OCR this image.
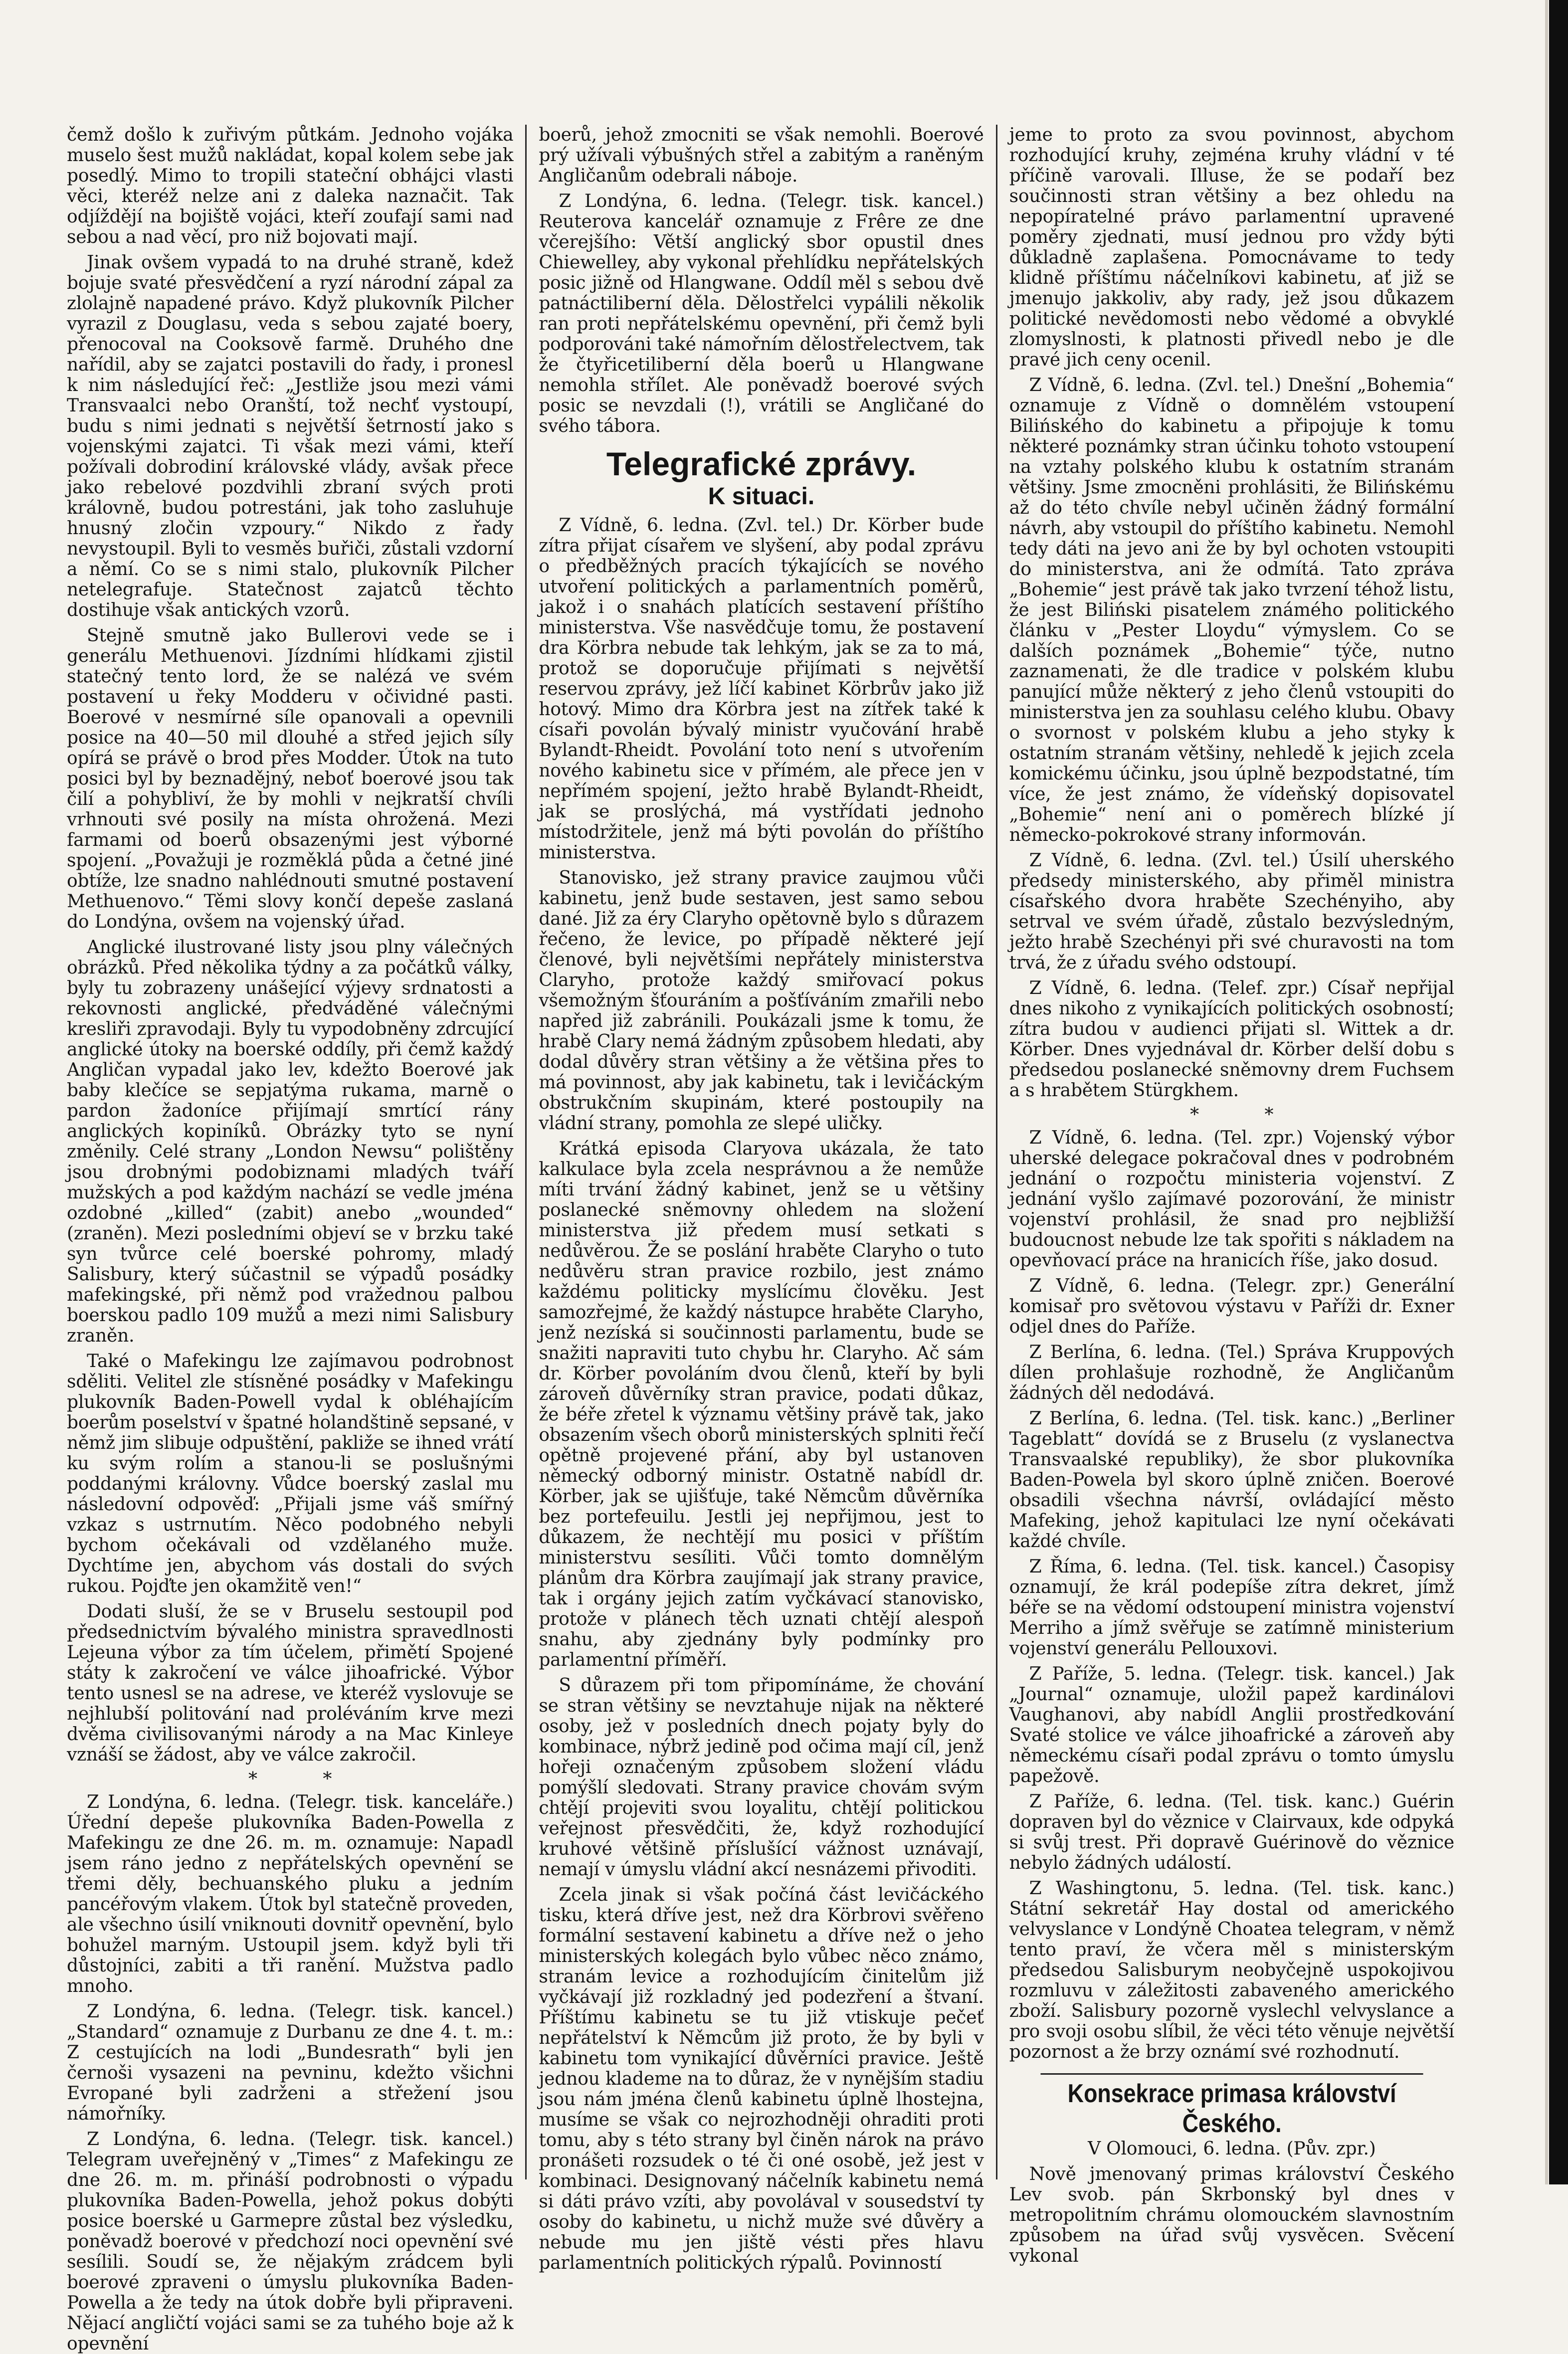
čemž došlo k zuřivým půtkám. Jednoho vojáka muselo šest mužů nakládat, kopal kolem sebe jak posedlý. Mimo to tropili stateční obhájci vlasti věci, kteréž nelze ani z daleka naznačit. Tak odjíždějí na bojiště vojáci, kteří zoufají sami nad sebou a nad věcí, pro niž bojovati mají.

Jinak ovšem vypadá to na druhé straně, kdež bojuje svaté přesvědčení a ryzí národní zápal za zlolajně napadené právo. Když plukovník Pilcher vyrazil z Douglasu, veda s sebou zajaté boery, přenocoval na Cooksově farmě. Druhého dne nařídil, aby se zajatci postavili do řady, i pronesl k nim následující řeč: „Jestliže jsou mezi vámi Transvaalci nebo Oranští, tož nechť vystoupí, budu s nimi jednati s největší šetrností jako s vojenskými zajatci. Ti však mezi vámi, kteří požívali dobrodiní královské vlády, avšak přece jako rebelové pozdvihli zbraní svých proti královně, budou potrestáni, jak toho zasluhuje hnusný zločin vzpoury.“ Nikdo z řady nevystoupil. Byli to vesměs buřiči, zůstali vzdorní a němí. Co se s nimi stalo, plukovník Pilcher netelegrafuje. Statečnost zajatců těchto dostihuje však antických vzorů.

Stejně smutně jako Bullerovi vede se i generálu Methuenovi. Jízdními hlídkami zjistil statečný tento lord, že se nalézá ve svém postavení u řeky Modderu v očividné pasti. Boerové v nesmírné síle opanovali a opevnili posice na 40—50 mil dlouhé a střed jejich síly opírá se právě o brod přes Modder. Útok na tuto posici byl by beznadějný, neboť boerové jsou tak čilí a pohybliví, že by mohli v nejkratší chvíli vrhnouti své posily na místa ohrožená. Mezi farmami od boerů obsazenými jest výborné spojení. „Považuji je rozměklá půda a četné jiné obtíže, lze snadno nahlédnouti smutné postavení Methuenovo.“ Těmi slovy končí depeše zaslaná do Londýna, ovšem na vojenský úřad.

Anglické ilustrované listy jsou plny válečných obrázků. Před několika týdny a za počátků války, byly tu zobrazeny unášející výjevy srdnatosti a rekovnosti anglické, předváděné válečnými kresliři zpravodaji. Byly tu vypodobněny zdrcující anglické útoky na boerské oddíly, při čemž každý Angličan vypadal jako lev, kdežto Boerové jak baby klečíce se sepjatýma rukama, marně o pardon žadoníce přijímají smrtící rány anglických kopiníků. Obrázky tyto se nyní změnily. Celé strany „London Newsu“ polištěny jsou drobnými podobiznami mladých tváří mužských a pod každým nachází se vedle jména ozdobné „killed“ (zabit) anebo „wounded“ (zraněn). Mezi posledními objeví se v brzku také syn tvůrce celé boerské pohromy, mladý Salisbury, který súčastnil se výpadů posádky mafekingské, při němž pod vražednou palbou boerskou padlo 109 mužů a mezi nimi Salisbury zraněn.

Také o Mafekingu lze zajímavou podrobnost sděliti. Velitel zle stísněné posádky v Mafekingu plukovník Baden-Powell vydal k obléhajícím boerům poselství v špatné holandštině sepsané, v němž jim slibuje odpuštění, pakliže se ihned vrátí ku svým rolím a stanou-li se poslušnými poddanými královny. Vůdce boerský zaslal mu následovní odpověď: „Přijali jsme váš smířný vzkaz s ustrnutím. Něco podobného nebyli bychom očekávali od vzdělaného muže. Dychtíme jen, abychom vás dostali do svých rukou. Pojďte jen okamžitě ven!“

Dodati sluší, že se v Bruselu sestoupil pod předsednictvím bývalého ministra spravedlnosti Lejeuna výbor za tím účelem, přimětí Spojené státy k zakročení ve válce jihoafrické. Výbor tento usnesl se na adrese, ve kteréž vyslovuje se nejhlubší politování nad proléváním krve mezi dvěma civilisovanými národy a na Mac Kinleye vznáší se žádost, aby ve válce zakročil.

* *

Z Londýna, 6. ledna. (Telegr. tisk. kanceláře.) Úřední depeše plukovníka Baden-Powella z Mafekingu ze dne 26. m. m. oznamuje: Napadl jsem ráno jedno z nepřátelských opevnění se třemi děly, bechuanského pluku a jedním pancéřovým vlakem. Útok byl statečně proveden, ale všechno úsilí vniknouti dovnitř opevnění, bylo bohužel marným. Ustoupil jsem. když byli tři důstojníci, zabiti a tři ranění. Mužstva padlo mnoho.

Z Londýna, 6. ledna. (Telegr. tisk. kancel.) „Standard“ oznamuje z Durbanu ze dne 4. t. m.: Z cestujících na lodi „Bundesrath“ byli jen černoši vysazeni na pevninu, kdežto všichni Evropané byli zadrženi a střežení jsou námořníky.

Z Londýna, 6. ledna. (Telegr. tisk. kancel.) Telegram uveřejněný v „Times“ z Mafekingu ze dne 26. m. m. přináší podrobnosti o výpadu plukovníka Baden-Powella, jehož pokus dobýti posice boerské u Garmepre zůstal bez výsledku, poněvadž boerové v předchozí noci opevnění své sesílili. Soudí se, že nějakým zrádcem byli boerové zpraveni o úmyslu plukovníka Baden-Powella a že tedy na útok dobře byli připraveni. Nějací angličtí vojáci sami se za tuhého boje až k opevnění

boerů, jehož zmocniti se však nemohli. Boerové prý užívali výbušných střel a zabitým a raněným Angličanům odebrali náboje.

Z Londýna, 6. ledna. (Telegr. tisk. kancel.) Reuterova kancelář oznamuje z Frêre ze dne včerejšího: Větší anglický sbor opustil dnes Chiewelley, aby vykonal přehlídku nepřátelských posic jižně od Hlangwane. Oddíl měl s sebou dvě patnáctiliberní děla. Dělostřelci vypálili několik ran proti nepřátelskému opevnění, při čemž byli podporováni také námořním dělostřelectvem, tak že čtyřicetiliberní děla boerů u Hlangwane nemohla střílet. Ale poněvadž boerové svých posic se nevzdali (!), vrátili se Angličané do svého tábora.

Telegrafické zprávy.
K situaci.

Z Vídně, 6. ledna. (Zvl. tel.) Dr. Körber bude zítra přijat císařem ve slyšení, aby podal zprávu o předběžných pracích týkajících se nového utvoření politických a parlamentních poměrů, jakož i o snahách platících sestavení příštího ministerstva. Vše nasvědčuje tomu, že postavení dra Körbra nebude tak lehkým, jak se za to má, protož se doporučuje přijímati s největší reservou zprávy, jež líčí kabinet Körbrův jako již hotový. Mimo dra Körbra jest na zítřek také k císaři povolán bývalý ministr vyučování hrabě Bylandt-Rheidt. Povolání toto není s utvořením nového kabinetu sice v přímém, ale přece jen v nepřímém spojení, ježto hrabě Bylandt-Rheidt, jak se proslýchá, má vystřídati jednoho místodržitele, jenž má býti povolán do příštího ministerstva.

Stanovisko, jež strany pravice zaujmou vůči kabinetu, jenž bude sestaven, jest samo sebou dané. Již za éry Claryho opětovně bylo s důrazem řečeno, že levice, po případě některé její členové, byli největšími nepřátely ministerstva Claryho, protože každý smiřovací pokus všemožným šťouráním a pošťíváním zmařili nebo napřed již zabránili. Poukázali jsme k tomu, že hrabě Clary nemá žádným způsobem hledati, aby dodal důvěry stran většiny a že většina přes to má povinnost, aby jak kabinetu, tak i levičáckým obstrukčním skupinám, které postoupily na vládní strany, pomohla ze slepé uličky.

Krátká episoda Claryova ukázala, že tato kalkulace byla zcela nesprávnou a že nemůže míti trvání žádný kabinet, jenž se u většiny poslanecké sněmovny ohledem na složení ministerstva již předem musí setkati s nedůvěrou. Že se poslání hraběte Claryho o tuto nedůvěru stran pravice rozbilo, jest známo každému politicky myslícímu člověku. Jest samozřejmé, že každý nástupce hraběte Claryho, jenž nezíská si součinnosti parlamentu, bude se snažiti napraviti tuto chybu hr. Claryho. Ač sám dr. Körber povoláním dvou členů, kteří by byli zároveň důvěrníky stran pravice, podati důkaz, že béře zřetel k významu většiny právě tak, jako obsazením všech oborů ministerských splniti řečí opětně projevené přání, aby byl ustanoven německý odborný ministr. Ostatně nabídl dr. Körber, jak se ujišťuje, také Němcům důvěrníka bez portefeuilu. Jestli jej nepřijmou, jest to důkazem, že nechtějí mu posici v příštím ministerstvu sesíliti. Vůči tomto domnělým plánům dra Körbra zaujímají jak strany pravice, tak i orgány jejich zatím vyčkávací stanovisko, protože v plánech těch uznati chtějí alespoň snahu, aby zjednány byly podmínky pro parlamentní příměří.

S důrazem při tom připomínáme, že chování se stran většiny se nevztahuje nijak na některé osoby, jež v posledních dnech pojaty byly do kombinace, nýbrž jedině pod očima mají cíl, jenž hořeji označeným způsobem složení vládu pomýšlí sledovati. Strany pravice chovám svým chtějí projeviti svou loyalitu, chtějí politickou veřejnost přesvědčiti, že, když rozhodující kruhové většině příslušící vážnost uznávají, nemají v úmyslu vládní akcí nesnázemi přivoditi.

Zcela jinak si však počíná část levičáckého tisku, která dříve jest, než dra Körbrovi svěřeno formální sestavení kabinetu a dříve než o jeho ministerských kolegách bylo vůbec něco známo, stranám levice a rozhodujícím činitelům již vyčkávají již rozkladný jed podezření a štvaní. Příštímu kabinetu se tu již vtiskuje pečeť nepřátelství k Němcům již proto, že by byli v kabinetu tom vynikající důvěrníci pravice. Ještě jednou klademe na to důraz, že v nynějším stadiu jsou nám jména členů kabinetu úplně lhostejna, musíme se však co nejrozhodněji ohraditi proti tomu, aby s této strany byl činěn nárok na právo pronášeti rozsudek o té či oné osobě, jež jest v kombinaci. Designovaný náčelník kabinetu nemá si dáti právo vzíti, aby povolával v sousedství ty osoby do kabinetu, u nichž muže své důvěry a nebude mu jen jiště vésti přes hlavu parlamentních politických rýpalů. Povinností

jeme to proto za svou povinnost, abychom rozhodující kruhy, zejména kruhy vládní v té příčině varovali. Illuse, že se podaří bez součinnosti stran většiny a bez ohledu na nepopíratelné právo parlamentní upravené poměry zjednati, musí jednou pro vždy býti důkladně zaplašena. Pomocnávame to tedy klidně příštímu náčelníkovi kabinetu, ať již se jmenujo jakkoliv, aby rady, jež jsou důkazem politické nevědomosti nebo vědomé a obvyklé zlomyslnosti, k platnosti přivedl nebo je dle pravé jich ceny ocenil.

Z Vídně, 6. ledna. (Zvl. tel.) Dnešní „Bohemia“ oznamuje z Vídně o domnělém vstoupení Bilińského do kabinetu a připojuje k tomu některé poznámky stran účinku tohoto vstoupení na vztahy polského klubu k ostatním stranám většiny. Jsme zmocněni prohlásiti, že Bilińskému až do této chvíle nebyl učiněn žádný formální návrh, aby vstoupil do příštího kabinetu. Nemohl tedy dáti na jevo ani že by byl ochoten vstoupiti do ministerstva, ani že odmítá. Tato zpráva „Bohemie“ jest právě tak jako tvrzení téhož listu, že jest Biliński pisatelem známého politického článku v „Pester Lloydu“ výmyslem. Co se dalších poznámek „Bohemie“ týče, nutno zaznamenati, že dle tradice v polském klubu panující může některý z jeho členů vstoupiti do ministerstva jen za souhlasu celého klubu. Obavy o svornost v polském klubu a jeho styky k ostatním stranám většiny, nehledě k jejich zcela komickému účinku, jsou úplně bezpodstatné, tím více, že jest známo, že vídeňský dopisovatel „Bohemie“ není ani o poměrech blízké jí německo-pokrokové strany informován.

Z Vídně, 6. ledna. (Zvl. tel.) Úsilí uherského předsedy ministerského, aby přiměl ministra císařského dvora hraběte Szechényiho, aby setrval ve svém úřadě, zůstalo bezvýsledným, ježto hrabě Szechényi při své churavosti na tom trvá, že z úřadu svého odstoupí.

Z Vídně, 6. ledna. (Telef. zpr.) Císař nepřijal dnes nikoho z vynikajících politických osobností; zítra budou v audienci přijati sl. Wittek a dr. Körber. Dnes vyjednával dr. Körber delší dobu s předsedou poslanecké sněmovny drem Fuchsem a s hrabětem Stürgkhem.

* *

Z Vídně, 6. ledna. (Tel. zpr.) Vojenský výbor uherské delegace pokračoval dnes v podrobném jednání o rozpočtu ministeria vojenství. Z jednání vyšlo zajímavé pozorování, že ministr vojenství prohlásil, že snad pro nejbližší budoucnost nebude lze tak spořiti s nákladem na opevňovací práce na hranicích říše, jako dosud.

Z Vídně, 6. ledna. (Telegr. zpr.) Generální komisař pro světovou výstavu v Paříži dr. Exner odjel dnes do Paříže.

Z Berlína, 6. ledna. (Tel.) Správa Kruppových dílen prohlašuje rozhodně, že Angličanům žádných děl nedodává.

Z Berlína, 6. ledna. (Tel. tisk. kanc.) „Berliner Tageblatt“ dovídá se z Bruselu (z vyslanectva Transvaalské republiky), že sbor plukovníka Baden-Powela byl skoro úplně zničen. Boerové obsadili všechna návrší, ovládající město Mafeking, jehož kapitulaci lze nyní očekávati každé chvíle.

Z Říma, 6. ledna. (Tel. tisk. kancel.) Časopisy oznamují, že král podepíše zítra dekret, jímž béře se na vědomí odstoupení ministra vojenství Merriho a jímž svěřuje se zatímně ministerium vojenství generálu Pellouxovi.

Z Paříže, 5. ledna. (Telegr. tisk. kancel.) Jak „Journal“ oznamuje, uložil papež kardinálovi Vaughanovi, aby nabídl Anglii prostředkování Svaté stolice ve válce jihoafrické a zároveň aby německému císaři podal zprávu o tomto úmyslu papežově.

Z Paříže, 6. ledna. (Tel. tisk. kanc.) Guérin dopraven byl do věznice v Clairvaux, kde odpyká si svůj trest. Při dopravě Guérinově do věznice nebylo žádných událostí.

Z Washingtonu, 5. ledna. (Tel. tisk. kanc.) Státní sekretář Hay dostal od amerického velvyslance v Londýně Choatea telegram, v němž tento praví, že včera měl s ministerským předsedou Salisburym neobyčejně uspokojivou rozmluvu v záležitosti zabaveného amerického zboží. Salisbury pozorně vyslechl velvyslance a pro svoji osobu slíbil, že věci této věnuje největší pozornost a že brzy oznámí své rozhodnutí.

Konsekrace primasa království Českého.

V Olomouci, 6. ledna. (Pův. zpr.)

Nově jmenovaný primas království Českého Lev svob. pán Skrbonský byl dnes v metropolitním chrámu olomouckém slavnostním způsobem na úřad svůj vysvěcen. Svěcení vykonal
